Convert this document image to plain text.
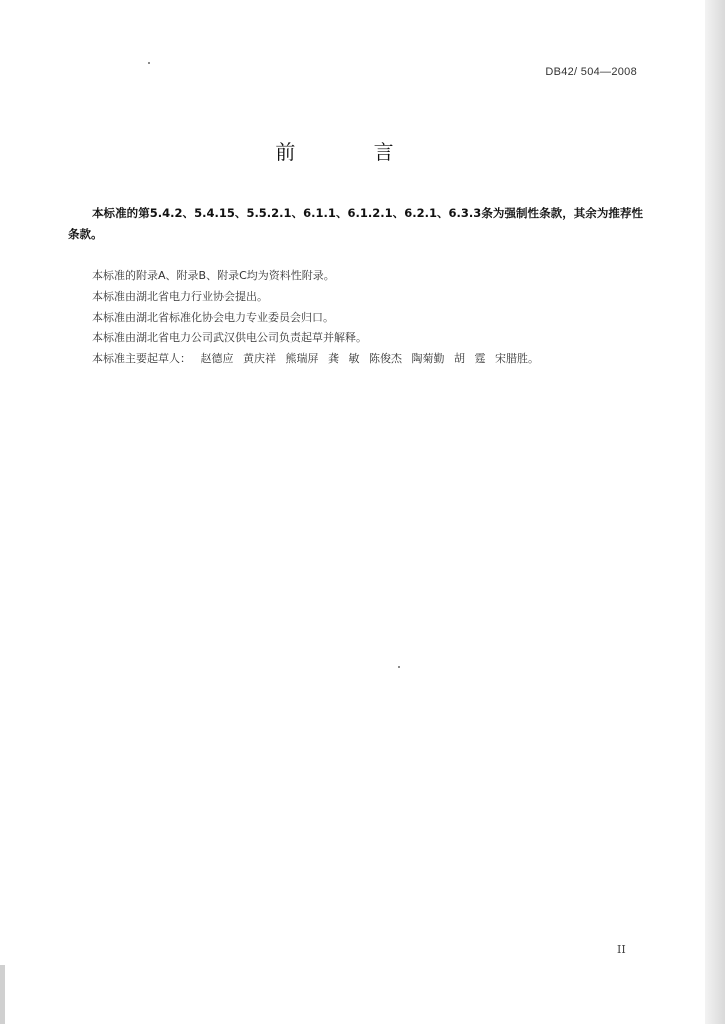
DB42/ 504—2008
前 言
本标准的第5.4.2、5.4.15、5.5.2.1、6.1.1、6.1.2.1、6.2.1、6.3.3条为强制性条款，其余为推荐性条款。
本标准的附录A、附录B、附录C均为资料性附录。
本标准由湖北省电力行业协会提出。
本标准由湖北省标准化协会电力专业委员会归口。
本标准由湖北省电力公司武汉供电公司负责起草并解释。
本标准主要起草人： 赵德应 黄庆祥 熊瑞屏 龚 敏 陈俊杰 陶菊勤 胡 霆 宋腊胜。
II
